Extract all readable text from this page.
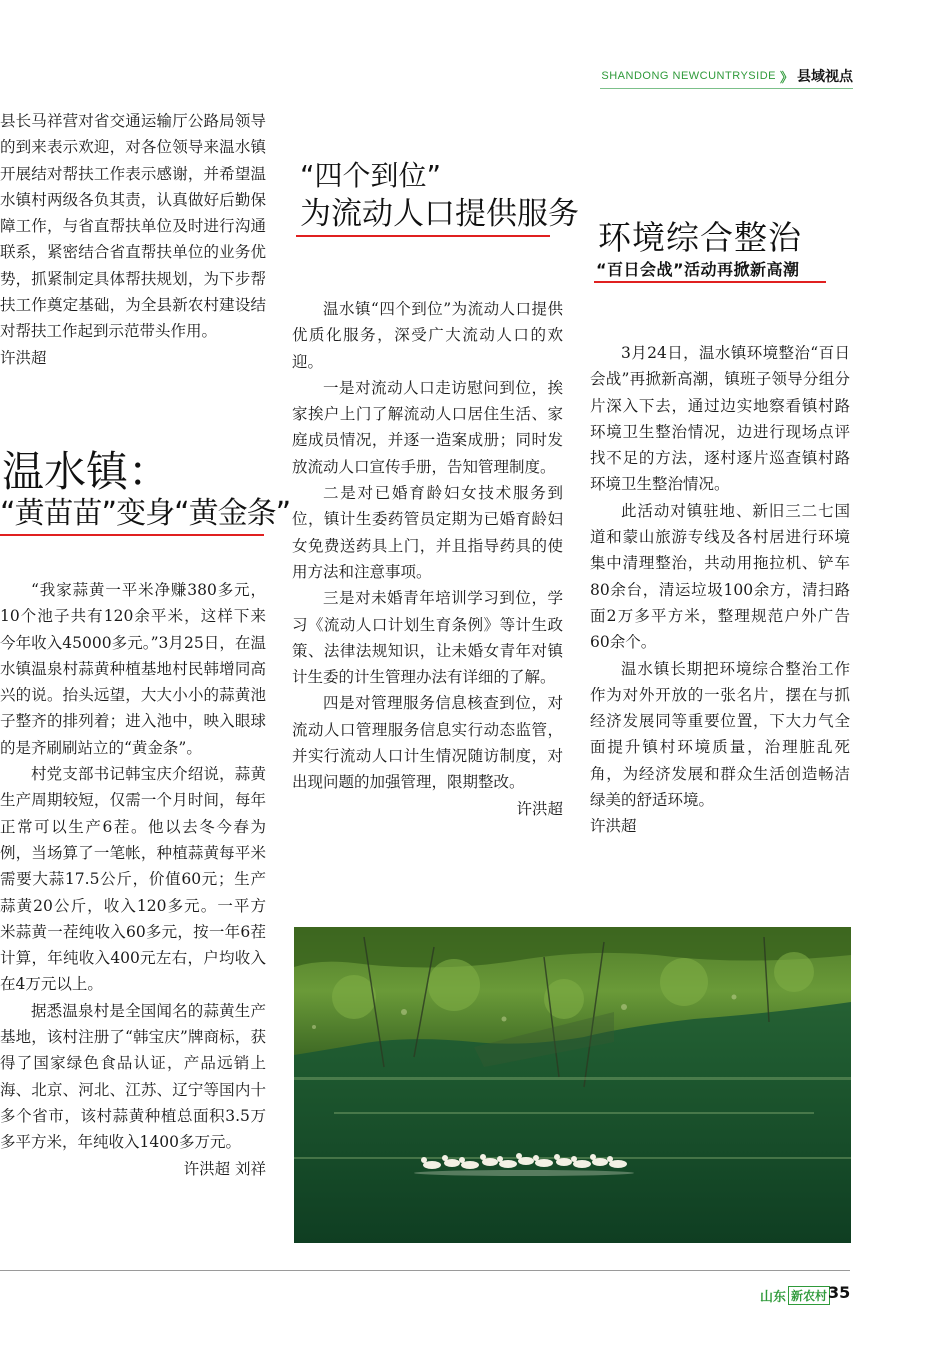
SHANDONG NEWCUNTRYSIDE 》 县域视点

县长马祥营对省交通运输厅公路局领导的到来表示欢迎，对各位领导来温水镇开展结对帮扶工作表示感谢，并希望温水镇村两级各负其责，认真做好后勤保障工作，与省直帮扶单位及时进行沟通联系，紧密结合省直帮扶单位的业务优势，抓紧制定具体帮扶规划，为下步帮扶工作奠定基础，为全县新农村建设结对帮扶工作起到示范带头作用。

许洪超

温水镇：
“黄苗苗”变身“黄金条”

“我家蒜黄一平米净赚380多元，10个池子共有120余平米，这样下来今年收入45000多元。”3月25日，在温水镇温泉村蒜黄种植基地村民韩增同高兴的说。抬头远望，大大小小的蒜黄池子整齐的排列着；进入池中，映入眼球的是齐刷刷站立的“黄金条”。

村党支部书记韩宝庆介绍说，蒜黄生产周期较短，仅需一个月时间，每年正常可以生产6茬。他以去冬今春为例，当场算了一笔帐，种植蒜黄每平米需要大蒜17.5公斤，价值60元；生产蒜黄20公斤，收入120多元。一平方米蒜黄一茬纯收入60多元，按一年6茬计算，年纯收入400元左右，户均收入在4万元以上。

据悉温泉村是全国闻名的蒜黄生产基地，该村注册了“韩宝庆”牌商标，获得了国家绿色食品认证，产品远销上海、北京、河北、江苏、辽宁等国内十多个省市，该村蒜黄种植总面积3.5万多平方米，年纯收入1400多万元。
许洪超 刘祥

“四个到位”
为流动人口提供服务

温水镇“四个到位”为流动人口提供优质化服务，深受广大流动人口的欢迎。

一是对流动人口走访慰问到位，挨家挨户上门了解流动人口居住生活、家庭成员情况，并逐一造案成册；同时发放流动人口宣传手册，告知管理制度。

二是对已婚育龄妇女技术服务到位，镇计生委药管员定期为已婚育龄妇女免费送药具上门，并且指导药具的使用方法和注意事项。

三是对未婚青年培训学习到位，学习《流动人口计划生育条例》等计生政策、法律法规知识，让未婚女青年对镇计生委的计生管理办法有详细的了解。

四是对管理服务信息核查到位，对流动人口管理服务信息实行动态监管，并实行流动人口计生情况随访制度，对出现问题的加强管理，限期整改。
许洪超

环境综合整治
“百日会战”活动再掀新高潮

3月24日，温水镇环境整治“百日会战”再掀新高潮，镇班子领导分组分片深入下去，通过边实地察看镇村路环境卫生整治情况，边进行现场点评找不足的方法，逐村逐片巡查镇村路环境卫生整治情况。

此活动对镇驻地、新旧三二七国道和蒙山旅游专线及各村居进行环境集中清理整治，共动用拖拉机、铲车80余台，清运垃圾100余方，清扫路面2万多平方米，整理规范户外广告60余个。

温水镇长期把环境综合整治工作作为对外开放的一张名片，摆在与抓经济发展同等重要位置，下大力气全面提升镇村环境质量，治理脏乱死角，为经济发展和群众生活创造畅洁绿美的舒适环境。

许洪超

山东 新农村 35
